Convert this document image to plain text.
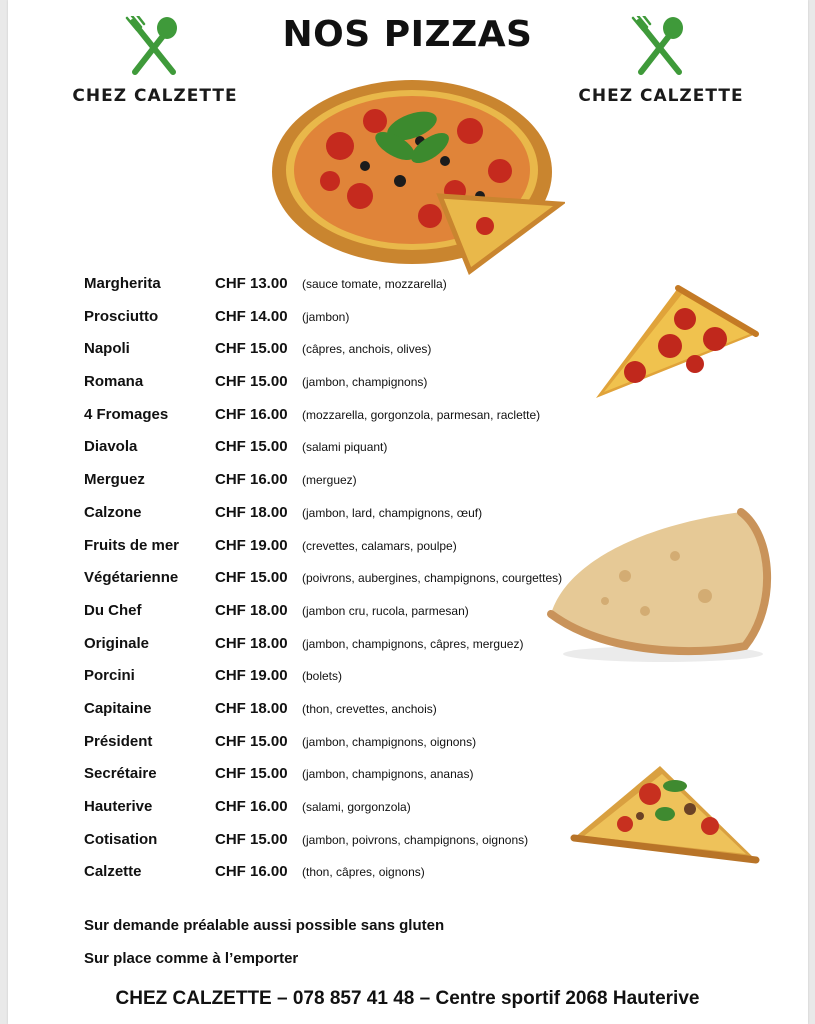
CHEZ CALZETTE	CHEZ CALZETTE
NOS PIZZAS
Margherita	CHF 13.00 (sauce tomate, mozzarella)
Prosciutto	CHF 14.00 (jambon)
Napoli	CHF 15.00 (câpres, anchois, olives)
Romana	CHF 15.00 (jambon, champignons)
4 Fromages	CHF 16.00 (mozzarella, gorgonzola, parmesan, raclette)
Diavola	CHF 15.00 (salami piquant)
Merguez	CHF 16.00 (merguez)
Calzone	CHF 18.00 (jambon, lard, champignons, œuf)
Fruits de mer CHF 19.00 (crevettes, calamars, poulpe)
Végétarienne CHF 15.00 (poivrons, aubergines, champignons, courgettes)
Du Chef	CHF 18.00 (jambon cru, rucola, parmesan)
Originale	CHF 18.00 (jambon, champignons, câpres, merguez)
Porcini	CHF 19.00 (bolets)
Capitaine	CHF 18.00 (thon, crevettes, anchois)
Président	CHF 15.00 (jambon, champignons, oignons)
Secrétaire	CHF 15.00 (jambon, champignons, ananas)
Hauterive	CHF 16.00 (salami, gorgonzola)
Cotisation	CHF 15.00 (jambon, poivrons, champignons, oignons)
Calzette	CHF 16.00 (thon, câpres, oignons)
Sur demande préalable aussi possible sans gluten
Sur place comme à l’emporter
CHEZ CALZETTE – 078 857 41 48 – Centre sportif 2068 Hauterive
